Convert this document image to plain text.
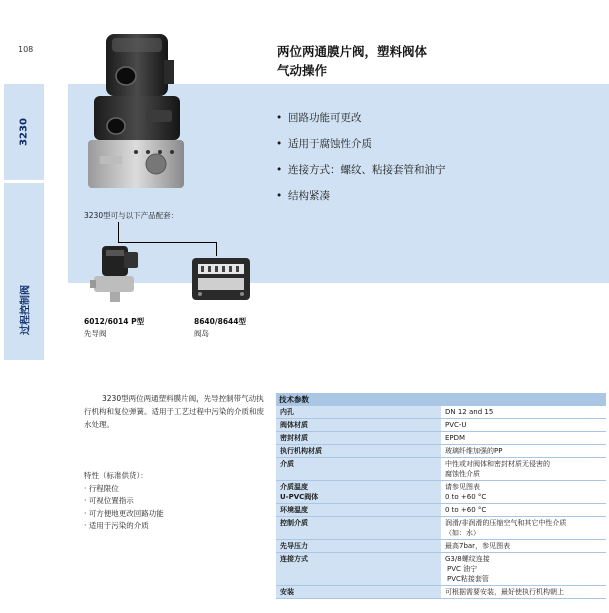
108
3230
过程控制阀
两位两通膜片阀，塑料阀体
气动操作
• 回路功能可更改
• 适用于腐蚀性介质
• 连接方式：螺纹、粘接套管和油宁
• 结构紧凑
3230型可与以下产品配套：
6012/6014 P型
先导阀
8640/8644型
阀岛

3230型两位两通塑料膜片阀，先导控制带气动执行机构和复位弹簧。适用于工艺过程中污染的介质和废水处理。

特性（标准供货）：
· 行程限位
· 可视位置指示
· 可方便地更改回路功能
· 适用于污染的介质
技术参数	

内孔	DN 12 and 15

阀体材质	PVC-U

密封材质	EPDM

执行机构材质	玻璃纤维加强的PP

介质	中性或对阀体和密封材质无侵害的
腐蚀性介质

介质温度
U-PVC阀体	请参见图表
0 to +60 °C

环境温度	0 to +60 °C

控制介质	润滑/非润滑的压缩空气和其它中性介质
（如：水）

先导压力	最高7bar，参见图表

连接方式	G3/8螺纹连接
PVC 油宁
PVC粘接套管

安装	可根据需要安装，最好使执行机构朝上
